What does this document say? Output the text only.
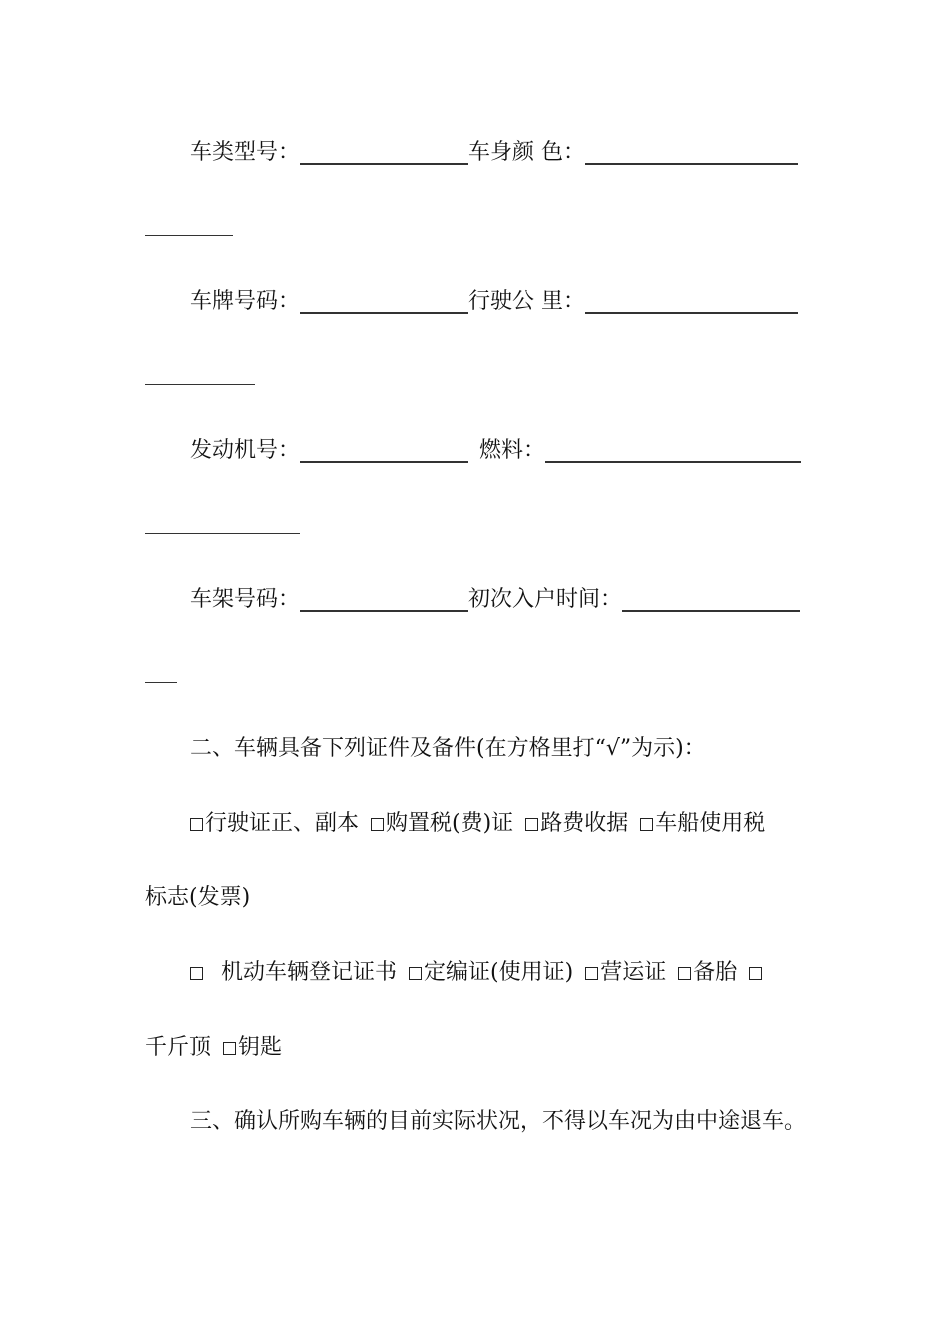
车类型号：	车身颜 色：
车牌号码：	行驶公 里：
发动机号：	燃料：
车架号码：	初次入户时间：
二、车辆具备下列证件及备件(在方格里打“√”为示)：
行驶证正、副本 购置税(费)证 路费收据 车船使用税
标志(发票)
机动车辆登记证书 定编证(使用证) 营运证 备胎
千斤顶 钥匙
三、确认所购车辆的目前实际状况，不得以车况为由中途退车。
